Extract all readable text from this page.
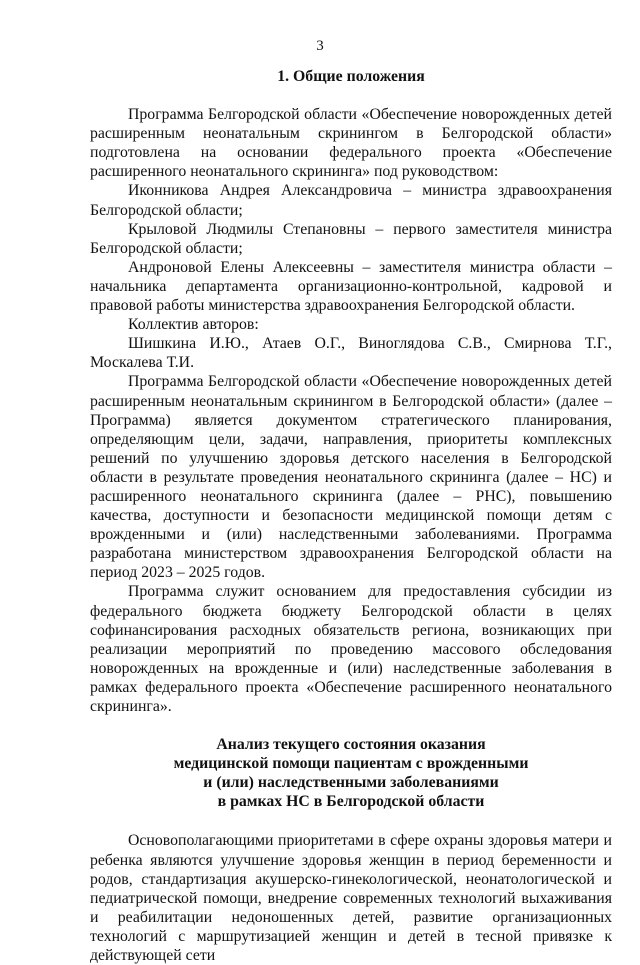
3
1. Общие положения

Программа Белгородской области «Обеспечение новорожденных детей расширенным неонатальным скринингом в Белгородской области» подготовлена на основании федерального проекта «Обеспечение расширенного неонатального скрининга» под руководством:

Иконникова Андрея Александровича – министра здравоохранения Белгородской области;

Крыловой Людмилы Степановны – первого заместителя министра Белгородской области;

Андроновой Елены Алексеевны – заместителя министра области – начальника департамента организационно-контрольной, кадровой и правовой работы министерства здравоохранения Белгородской области.

Коллектив авторов:

Шишкина И.Ю., Атаев О.Г., Виноглядова С.В., Смирнова Т.Г., Москалева Т.И.

Программа Белгородской области «Обеспечение новорожденных детей расширенным неонатальным скринингом в Белгородской области» (далее – Программа) является документом стратегического планирования, определяющим цели, задачи, направления, приоритеты комплексных решений по улучшению здоровья детского населения в Белгородской области в результате проведения неонатального скрининга (далее – НС) и расширенного неонатального скрининга (далее – РНС), повышению качества, доступности и безопасности медицинской помощи детям с врожденными и (или) наследственными заболеваниями. Программа разработана министерством здравоохранения Белгородской области на период 2023 – 2025 годов.

Программа служит основанием для предоставления субсидии из федерального бюджета бюджету Белгородской области в целях софинансирования расходных обязательств региона, возникающих при реализации мероприятий по проведению массового обследования новорожденных на врожденные и (или) наследственные заболевания в рамках федерального проекта «Обеспечение расширенного неонатального скрининга».

Анализ текущего состояния оказания
медицинской помощи пациентам с врожденными
и (или) наследственными заболеваниями
в рамках НС в Белгородской области

Основополагающими приоритетами в сфере охраны здоровья матери и ребенка являются улучшение здоровья женщин в период беременности и родов, стандартизация акушерско-гинекологической, неонатологической и педиатрической помощи, внедрение современных технологий выхаживания и реабилитации недоношенных детей, развитие организационных технологий с маршрутизацией женщин и детей в тесной привязке к действующей сети
